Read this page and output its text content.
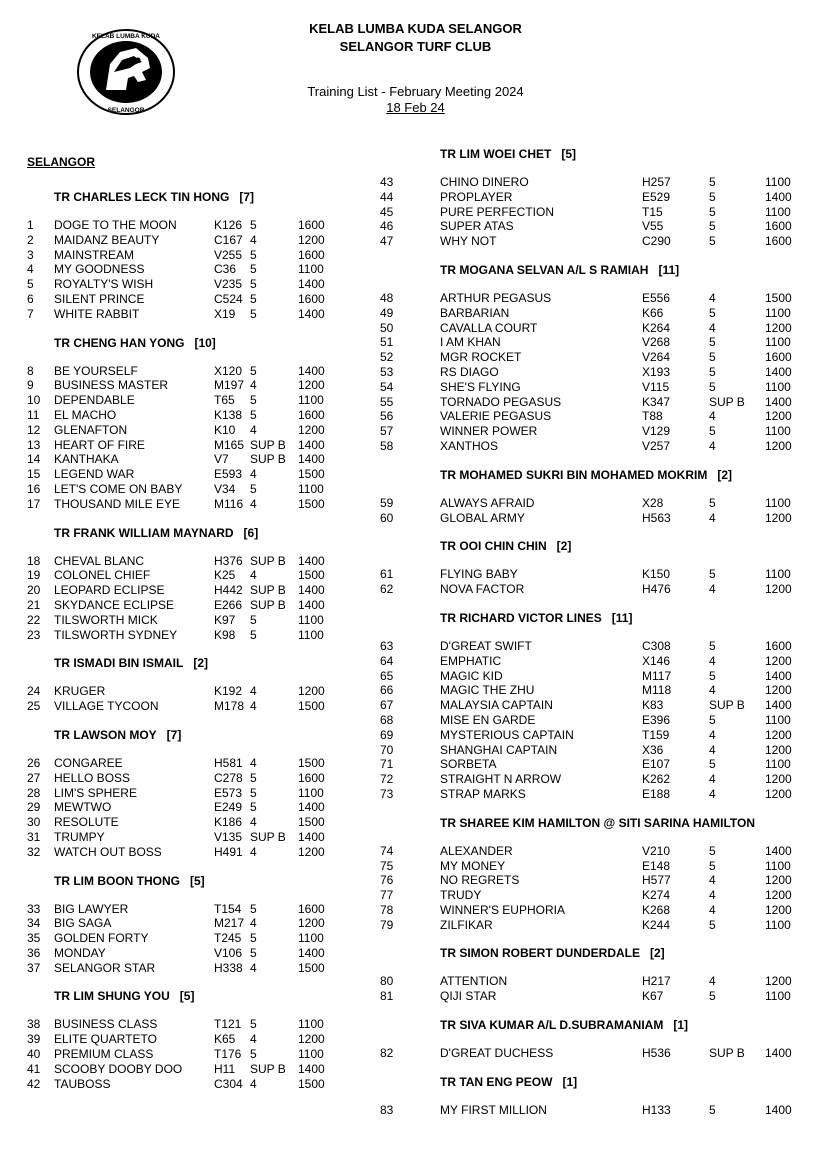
KELAB LUMBA KUDA
SELANGOR
KELAB LUMBA KUDA SELANGOR
SELANGOR TURF CLUB
Training List - February Meeting 2024
18 Feb 24
SELANGOR
TR CHARLES LECK TIN HONG [7]
1 DOGE TO THE MOON	K126 5	1600
2 MAIDANZ BEAUTY	C167 4	1200
3 MAINSTREAM	V255 5	1600
4 MY GOODNESS	C36 5	1100
5 ROYALTY'S WISH	V235 5	1400
6 SILENT PRINCE	C524 5	1600
7 WHITE RABBIT	X19 5	1400
TR CHENG HAN YONG [10]
8 BE YOURSELF	X120 5	1400
9 BUSINESS MASTER	M197 4	1200
10 DEPENDABLE	T65 5	1100
11 EL MACHO	K138 5	1600
12 GLENAFTON	K10 4	1200
13 HEART OF FIRE	M165 SUP B 1400
14 KANTHAKA	V7 SUP B 1400
15 LEGEND WAR	E593 4	1500
16 LET'S COME ON BABY	V34 5	1100
17 THOUSAND MILE EYE	M116 4	1500
TR FRANK WILLIAM MAYNARD [6]
18 CHEVAL BLANC	H376 SUP B 1400
19 COLONEL CHIEF	K25 4	1500
20 LEOPARD ECLIPSE	H442 SUP B 1400
21 SKYDANCE ECLIPSE	E266 SUP B 1400
22 TILSWORTH MICK	K97 5	1100
23 TILSWORTH SYDNEY	K98 5	1100
TR ISMADI BIN ISMAIL [2]
24 KRUGER	K192 4	1200
25 VILLAGE TYCOON	M178 4	1500
TR LAWSON MOY [7]
26 CONGAREE	H581 4	1500
27 HELLO BOSS	C278 5	1600
28 LIM'S SPHERE	E573 5	1100
29 MEWTWO	E249 5	1400
30 RESOLUTE	K186 4	1500
31 TRUMPY	V135 SUP B 1400
32 WATCH OUT BOSS	H491 4	1200
TR LIM BOON THONG [5]
33 BIG LAWYER	T154 5	1600
34 BIG SAGA	M217 4	1200
35 GOLDEN FORTY	T245 5	1100
36 MONDAY	V106 5	1400
37 SELANGOR STAR	H338 4	1500
TR LIM SHUNG YOU [5]
38 BUSINESS CLASS	T121 5	1100
39 ELITE QUARTETO	K65 4	1200
40 PREMIUM CLASS	T176 5	1100
41 SCOOBY DOOBY DOO	H11 SUP B 1400
42 TAUBOSS	C304 4	1500
TR LIM WOEI CHET [5]
43	CHINO DINERO	H257	5	1100
44	PROPLAYER	E529	5	1400
45	PURE PERFECTION	T15	5	1100
46	SUPER ATAS	V55	5	1600
47	WHY NOT	C290	5	1600
TR MOGANA SELVAN A/L S RAMIAH [11]
48	ARTHUR PEGASUS	E556	4	1500
49	BARBARIAN	K66	5	1100
50	CAVALLA COURT	K264	4	1200
51	I AM KHAN	V268	5	1100
52	MGR ROCKET	V264	5	1600
53	RS DIAGO	X193	5	1400
54	SHE'S FLYING	V115	5	1100
55	TORNADO PEGASUS	K347	SUP B 1400
56	VALERIE PEGASUS	T88	4	1200
57	WINNER POWER	V129	5	1100
58	XANTHOS	V257	4	1200
TR MOHAMED SUKRI BIN MOHAMED MOKRIM [2]
59	ALWAYS AFRAID	X28	5	1100
60	GLOBAL ARMY	H563	4	1200
TR OOI CHIN CHIN [2]
61	FLYING BABY	K150	5	1100
62	NOVA FACTOR	H476	4	1200
TR RICHARD VICTOR LINES [11]
63	D'GREAT SWIFT	C308	5	1600
64	EMPHATIC	X146	4	1200
65	MAGIC KID	M117	5	1400
66	MAGIC THE ZHU	M118	4	1200
67	MALAYSIA CAPTAIN	K83	SUP B 1400
68	MISE EN GARDE	E396	5	1100
69	MYSTERIOUS CAPTAIN	T159	4	1200
70	SHANGHAI CAPTAIN	X36	4	1200
71	SORBETA	E107	5	1100
72	STRAIGHT N ARROW	K262	4	1200
73	STRAP MARKS	E188	4	1200
TR SHAREE KIM HAMILTON @ SITI SARINA HAMILTON
74	ALEXANDER	V210	5	1400
75	MY MONEY	E148	5	1100
76	NO REGRETS	H577	4	1200
77	TRUDY	K274	4	1200
78	WINNER'S EUPHORIA	K268	4	1200
79	ZILFIKAR	K244	5	1100
TR SIMON ROBERT DUNDERDALE [2]
80	ATTENTION	H217	4	1200
81	QIJI STAR	K67	5	1100
TR SIVA KUMAR A/L D.SUBRAMANIAM [1]
82	D'GREAT DUCHESS	H536	SUP B 1400
TR TAN ENG PEOW [1]
83	MY FIRST MILLION	H133	5	1400
